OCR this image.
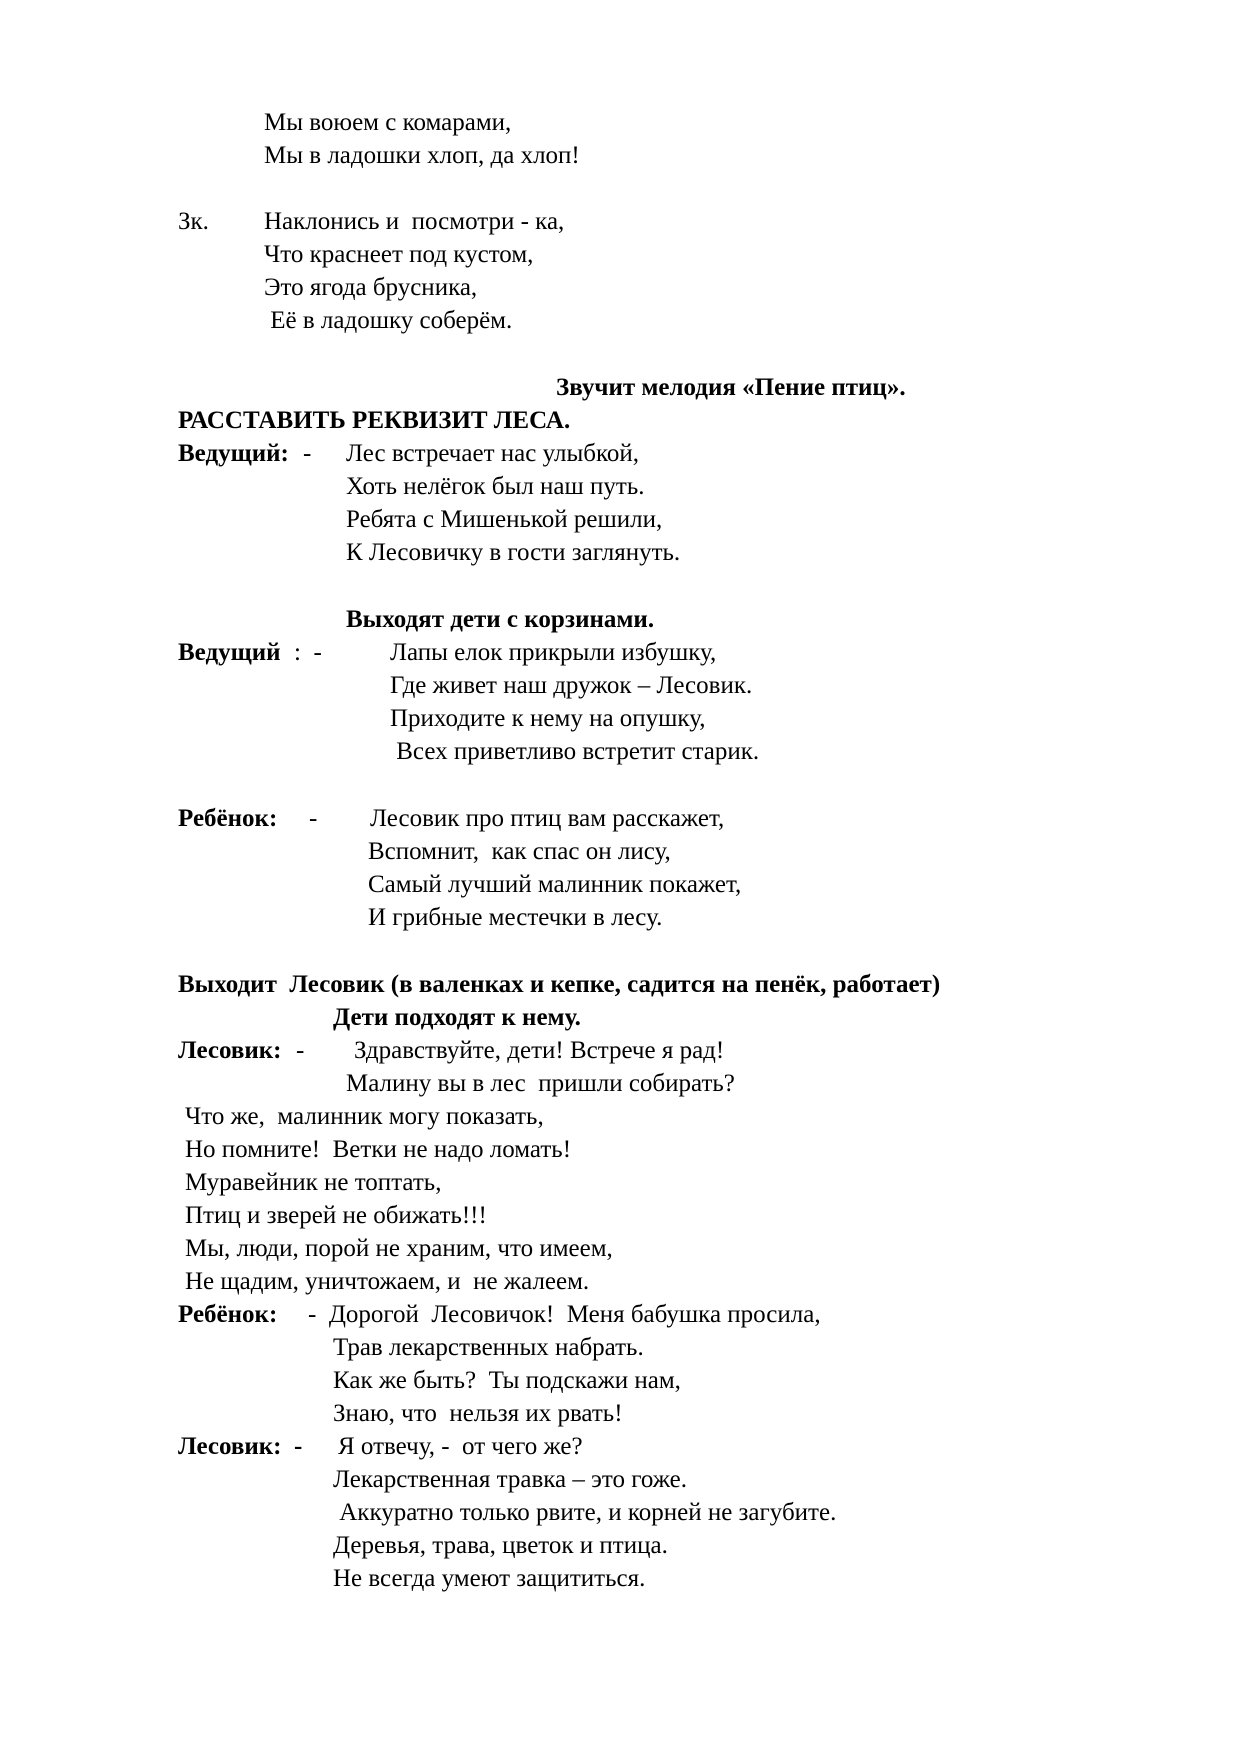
Мы воюем с комарами,

Мы в ладошки хлоп, да хлоп!

Зк. Наклонись и  посмотри - ка,

Что краснеет под кустом,

Это ягода брусника,

Её в ладошку соберём.

Звучит мелодия «Пение птиц».

РАССТАВИТЬ РЕКВИЗИТ ЛЕСА.

Ведущий: - Лес встречает нас улыбкой,

Хоть нелёгок был наш путь.

Ребята с Мишенькой решили,

К Лесовичку в гости заглянуть.

Выходят дети с корзинами.

Ведущий :  -	Лапы елок прикрыли избушку,

Где живет наш дружок – Лесовик.

Приходите к нему на опушку,

Всех приветливо встретит старик.

Ребёнок: - Лесовик про птиц вам расскажет,

Вспомнит,  как спас он лису,

Самый лучший малинник покажет,

И грибные местечки в лесу.

Выходит  Лесовик (в валенках и кепке, садится на пенёк, работает)

Дети подходят к нему.

Лесовик: - Здравствуйте, дети! Встрече я рад!

Малину вы в лес  пришли собирать?

Что же,  малинник могу показать,

Но помните!  Ветки не надо ломать!

Муравейник не топтать,

Птиц и зверей не обижать!!!

Мы, люди, порой не храним, что имеем,

Не щадим, уничтожаем, и  не жалеем.

Ребёнок: -  Дорогой  Лесовичок!  Меня бабушка просила,

Трав лекарственных набрать.

Как же быть?  Ты подскажи нам,

Знаю, что  нельзя их рвать!

Лесовик:  - Я отвечу, -  от чего же?

Лекарственная травка – это гоже.

Аккуратно только рвите, и корней не загубите.

Деревья, трава, цветок и птица.

Не всегда умеют защититься.
